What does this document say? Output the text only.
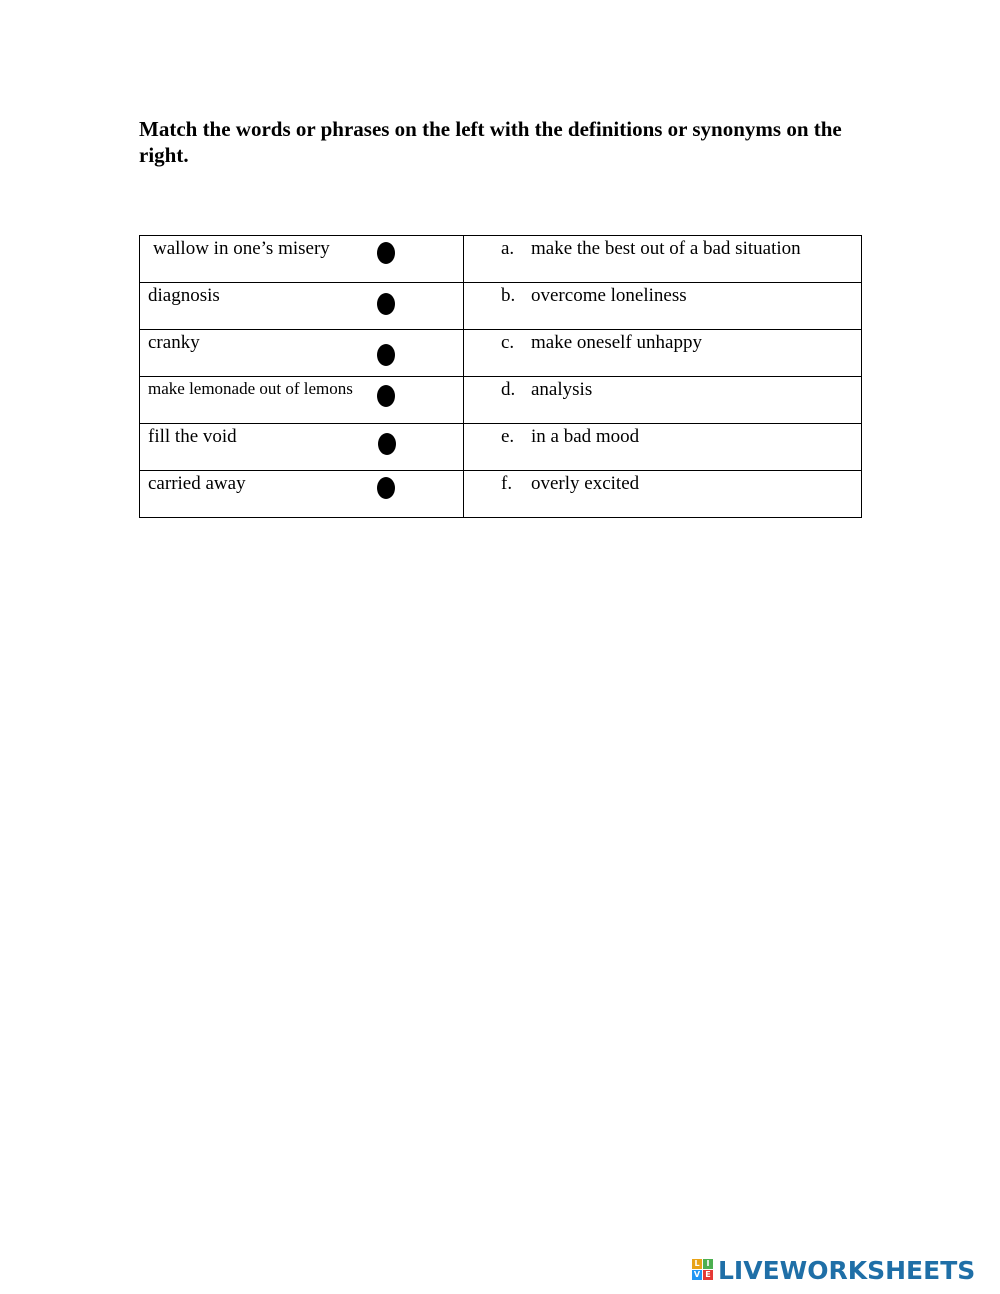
Match the words or phrases on the left with the definitions or synonyms on the right.

wallow in one’s misery	a. make the best out of a bad situation

diagnosis	b. overcome loneliness

cranky	c. make oneself unhappy

make lemonade out of lemons	d. analysis

fill the void	e. in a bad mood

carried away	f. overly excited
L I
V E LIVEWORKSHEETS
